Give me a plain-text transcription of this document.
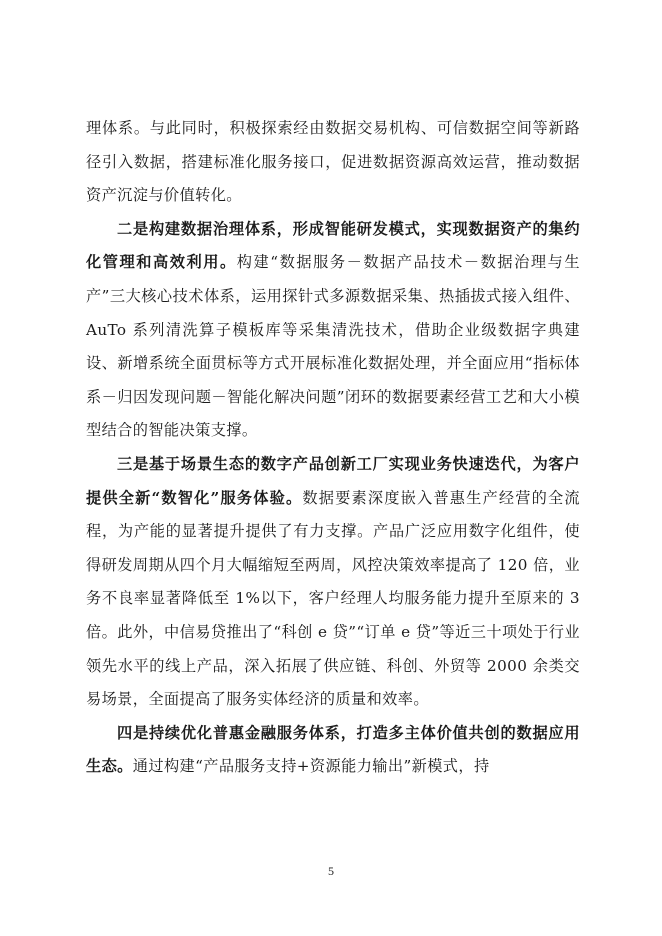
理体系。与此同时，积极探索经由数据交易机构、可信数据空间等新路径引入数据，搭建标准化服务接口，促进数据资源高效运营，推动数据资产沉淀与价值转化。

二是构建数据治理体系，形成智能研发模式，实现数据资产的集约化管理和高效利用。构建“数据服务－数据产品技术－数据治理与生产”三大核心技术体系，运用探针式多源数据采集、热插拔式接入组件、AuTo 系列清洗算子模板库等采集清洗技术，借助企业级数据字典建设、新增系统全面贯标等方式开展标准化数据处理，并全面应用“指标体系－归因发现问题－智能化解决问题”闭环的数据要素经营工艺和大小模型结合的智能决策支撑。

三是基于场景生态的数字产品创新工厂实现业务快速迭代，为客户提供全新“数智化”服务体验。数据要素深度嵌入普惠生产经营的全流程，为产能的显著提升提供了有力支撑。产品广泛应用数字化组件，使得研发周期从四个月大幅缩短至两周，风控决策效率提高了 120 倍，业务不良率显著降低至 1%以下，客户经理人均服务能力提升至原来的 3 倍。此外，中信易贷推出了“科创 e 贷”“订单 e 贷”等近三十项处于行业领先水平的线上产品，深入拓展了供应链、科创、外贸等 2000 余类交易场景，全面提高了服务实体经济的质量和效率。

四是持续优化普惠金融服务体系，打造多主体价值共创的数据应用生态。通过构建“产品服务支持+资源能力输出”新模式，持

5
